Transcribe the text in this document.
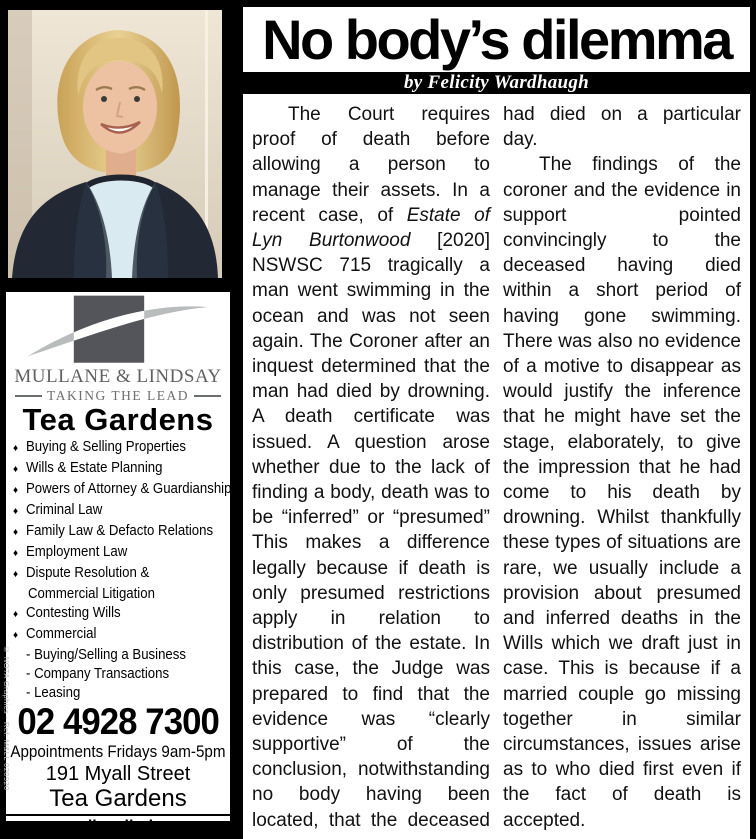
MULLANE & LINDSAY
TAKING THE LEAD
Tea Gardens
♦ Buying & Selling Properties
♦ Wills & Estate Planning
♦ Powers of Attorney & Guardianship
♦ Criminal Law
♦ Family Law & Defacto Relations
♦ Employment Law
♦ Dispute Resolution &
Commercial Litigation
♦ Contesting Wills
♦ Commercial
- Buying/Selling a Business
- Company Transactions
- Leasing
02 4928 7300
Appointments Fridays 9am-5pm
191 Myall Street
Tea Gardens
www.mullanelindsay.com.au
© NOTA Graphics - Ref: M&LL 020920
No body’s dilemma
by Felicity Wardhaugh

The Court requires proof of death before allowing a person to manage their assets. In a recent case, of Estate of Lyn Burtonwood [2020] NSWSC 715 tragically a man went swimming in the ocean and was not seen again. The Coroner after an inquest determined that the man had died by drowning. A death certificate was issued. A question arose whether due to the lack of finding a body, death was to be “inferred” or “presumed” This makes a difference legally because if death is only presumed restrictions apply in relation to distribution of the estate. In this case, the Judge was prepared to find that the evidence was “clearly supportive” of the conclusion, notwithstanding no body having been located, that the deceased had died on a particular day.

The findings of the coroner and the evidence in support pointed convincingly to the deceased having died within a short period of having gone swimming. There was also no evidence of a motive to disappear as would justify the inference that he might have set the stage, elaborately, to give the impression that he had come to his death by drowning. Whilst thankfully these types of situations are rare, we usually include a provision about presumed and inferred deaths in the Wills which we draft just in case. This is because if a married couple go missing together in similar circumstances, issues arise as to who died first even if the fact of death is accepted.
